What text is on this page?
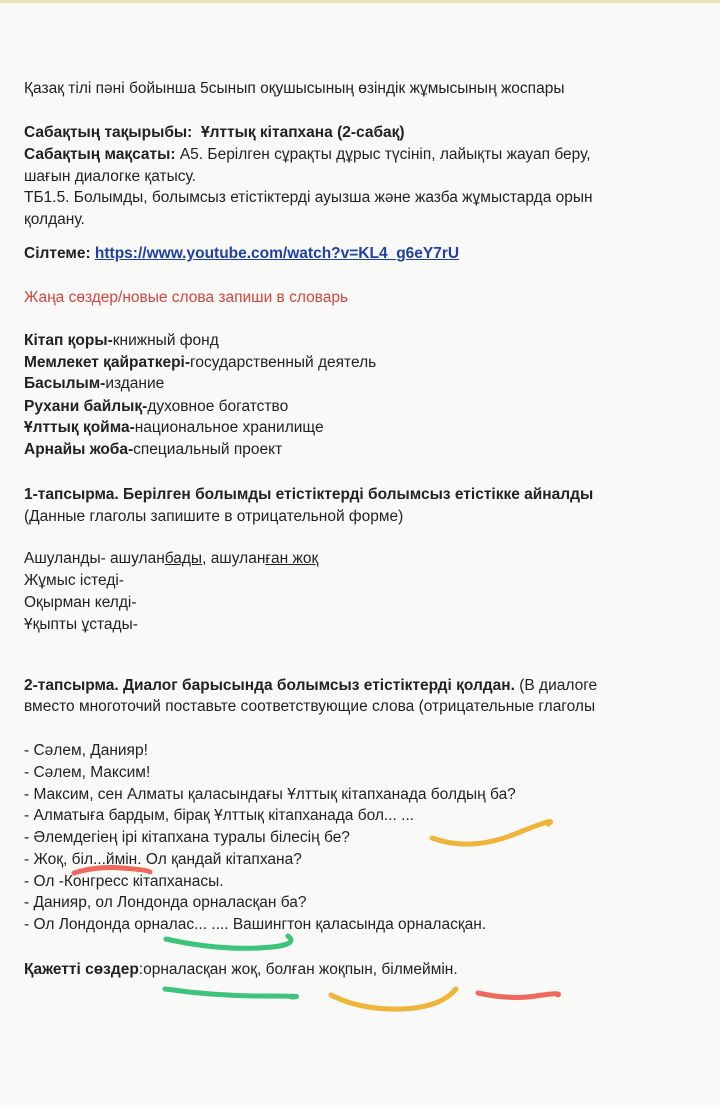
Қазақ тілі пәні бойынша 5сынып оқушысының өзіндік жұмысының жоспары
Сабақтың тақырыбы: Ұлттық кітапхана (2-сабақ)
Сабақтың мақсаты: А5. Берілген сұрақты дұрыс түсініп, лайықты жауап беру,
шағын диалогке қатысу.
ТБ1.5. Болымды, болымсыз етістіктерді ауызша және жазба жұмыстарда орын
қолдану.
Сілтеме: https://www.youtube.com/watch?v=KL4_g6eY7rU
Жаңа сөздер/новые слова запиши в словарь
Кітап қоры-книжный фонд
Мемлекет қайраткері-государственный деятель
Басылым-издание
Рухани байлық-духовное богатство
Ұлттық қойма-национальное хранилище
Арнайы жоба-специальный проект
1-тапсырма. Берілген болымды етістіктерді болымсыз етістікке айналды
(Данные глаголы запишите в отрицательной форме)
Ашуланды- ашуланбады, ашуланған жоқ
Жұмыс істеді-
Оқырман келді-
Ұқыпты ұстады-
2-тапсырма. Диалог барысында болымсыз етістіктерді қолдан. (В диалоге
вместо многоточий поставьте соответствующие слова (отрицательные глаголы
- Сәлем, Данияр!
- Сәлем, Максим!
- Максим, сен Алматы қаласындағы Ұлттық кітапханада болдың ба?
- Алматыға бардым, бірақ Ұлттық кітапханада бол... ...
- Әлемдегіең ірі кітапхана туралы білесің бе?
- Жоқ, біл...ймін. Ол қандай кітапхана?
- Ол -Конгресс кітапханасы.
- Данияр, ол Лондонда орналасқан ба?
- Ол Лондонда орналас... .... Вашингтон қаласында орналасқан.
Қажетті сөздер:орналасқан жоқ, болған жоқпын, білмеймін.
